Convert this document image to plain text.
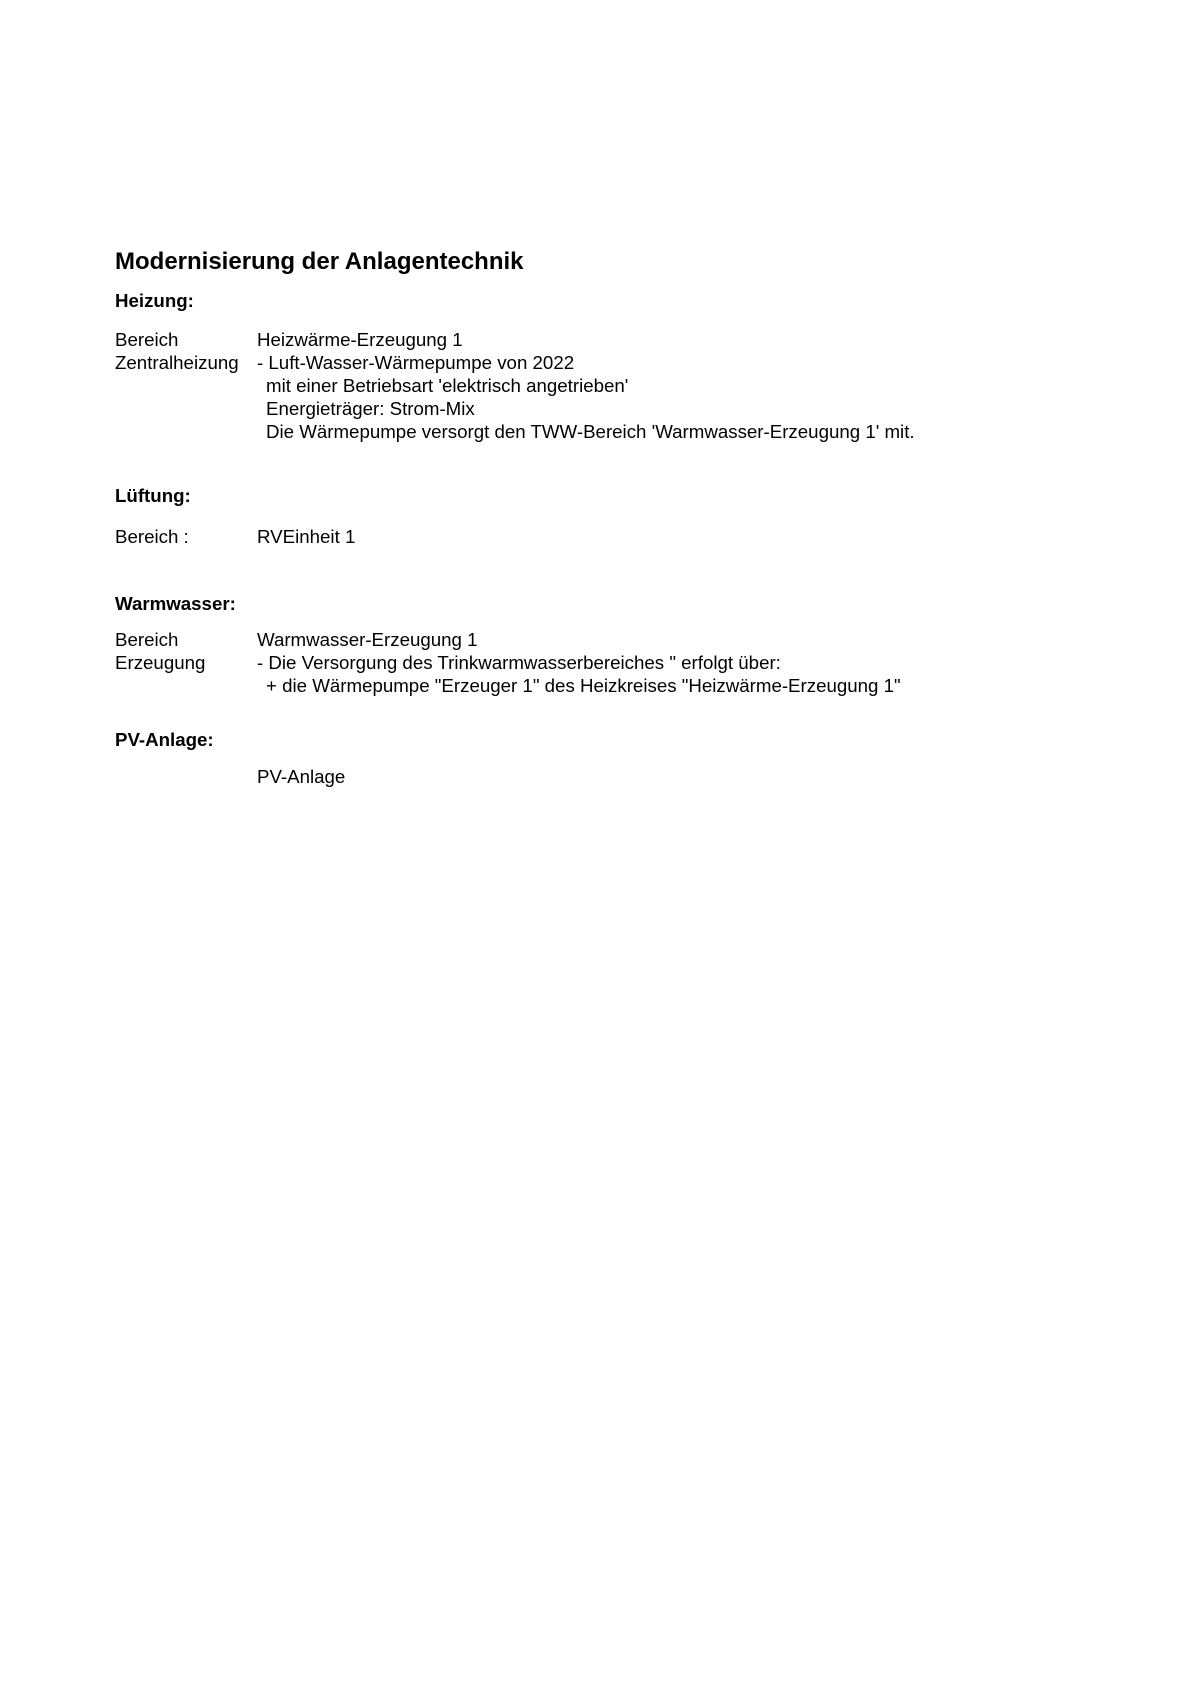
Modernisierung der Anlagentechnik
Heizung:
Bereich
Zentralheizung
Heizwärme-Erzeugung 1
- Luft-Wasser-Wärmepumpe von 2022
mit einer Betriebsart 'elektrisch angetrieben'
Energieträger: Strom-Mix
Die Wärmepumpe versorgt den TWW-Bereich 'Warmwasser-Erzeugung 1' mit.
Lüftung:
Bereich :	RVEinheit 1
Warmwasser:
Bereich
Erzeugung
Warmwasser-Erzeugung 1
- Die Versorgung des Trinkwarmwasserbereiches " erfolgt über:
+ die Wärmepumpe "Erzeuger 1" des Heizkreises "Heizwärme-Erzeugung 1"
PV-Anlage:
PV-Anlage
